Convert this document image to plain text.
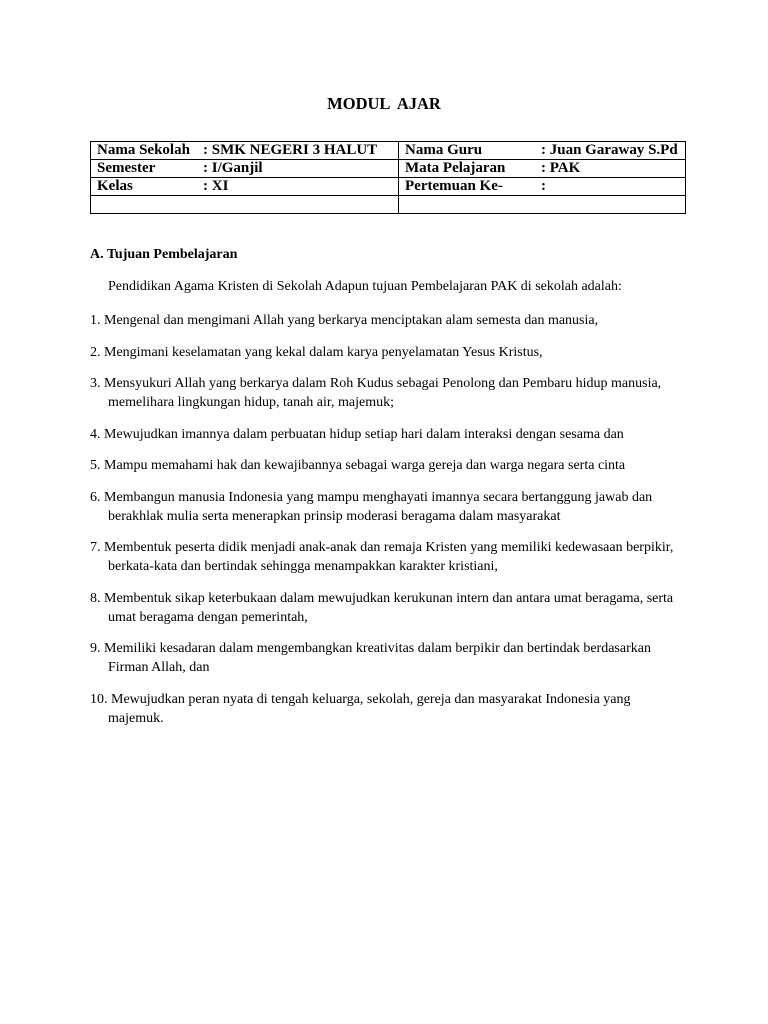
MODUL  AJAR
Nama Sekolah : SMK NEGERI 3 HALUT	Nama Guru : Juan Garaway S.Pd
Semester : I/Ganjil	Mata Pelajaran : PAK
Kelas : XI	Pertemuan Ke- :

A. Tujuan Pembelajaran
Pendidikan Agama Kristen di Sekolah Adapun tujuan Pembelajaran PAK di sekolah adalah:
1. Mengenal dan mengimani Allah yang berkarya menciptakan alam semesta dan manusia,
2. Mengimani keselamatan yang kekal dalam karya penyelamatan Yesus Kristus,
3. Mensyukuri Allah yang berkarya dalam Roh Kudus sebagai Penolong dan Pembaru hidup manusia,
memelihara lingkungan hidup, tanah air, majemuk;
4. Mewujudkan imannya dalam perbuatan hidup setiap hari dalam interaksi dengan sesama dan
5. Mampu memahami hak dan kewajibannya sebagai warga gereja dan warga negara serta cinta
6. Membangun manusia Indonesia yang mampu menghayati imannya secara bertanggung jawab dan
berakhlak mulia serta menerapkan prinsip moderasi beragama dalam masyarakat
7. Membentuk peserta didik menjadi anak-anak dan remaja Kristen yang memiliki kedewasaan berpikir,
berkata-kata dan bertindak sehingga menampakkan karakter kristiani,
8. Membentuk sikap keterbukaan dalam mewujudkan kerukunan intern dan antara umat beragama, serta
umat beragama dengan pemerintah,
9. Memiliki kesadaran dalam mengembangkan kreativitas dalam berpikir dan bertindak berdasarkan
Firman Allah, dan
10. Mewujudkan peran nyata di tengah keluarga, sekolah, gereja dan masyarakat Indonesia yang
majemuk.
